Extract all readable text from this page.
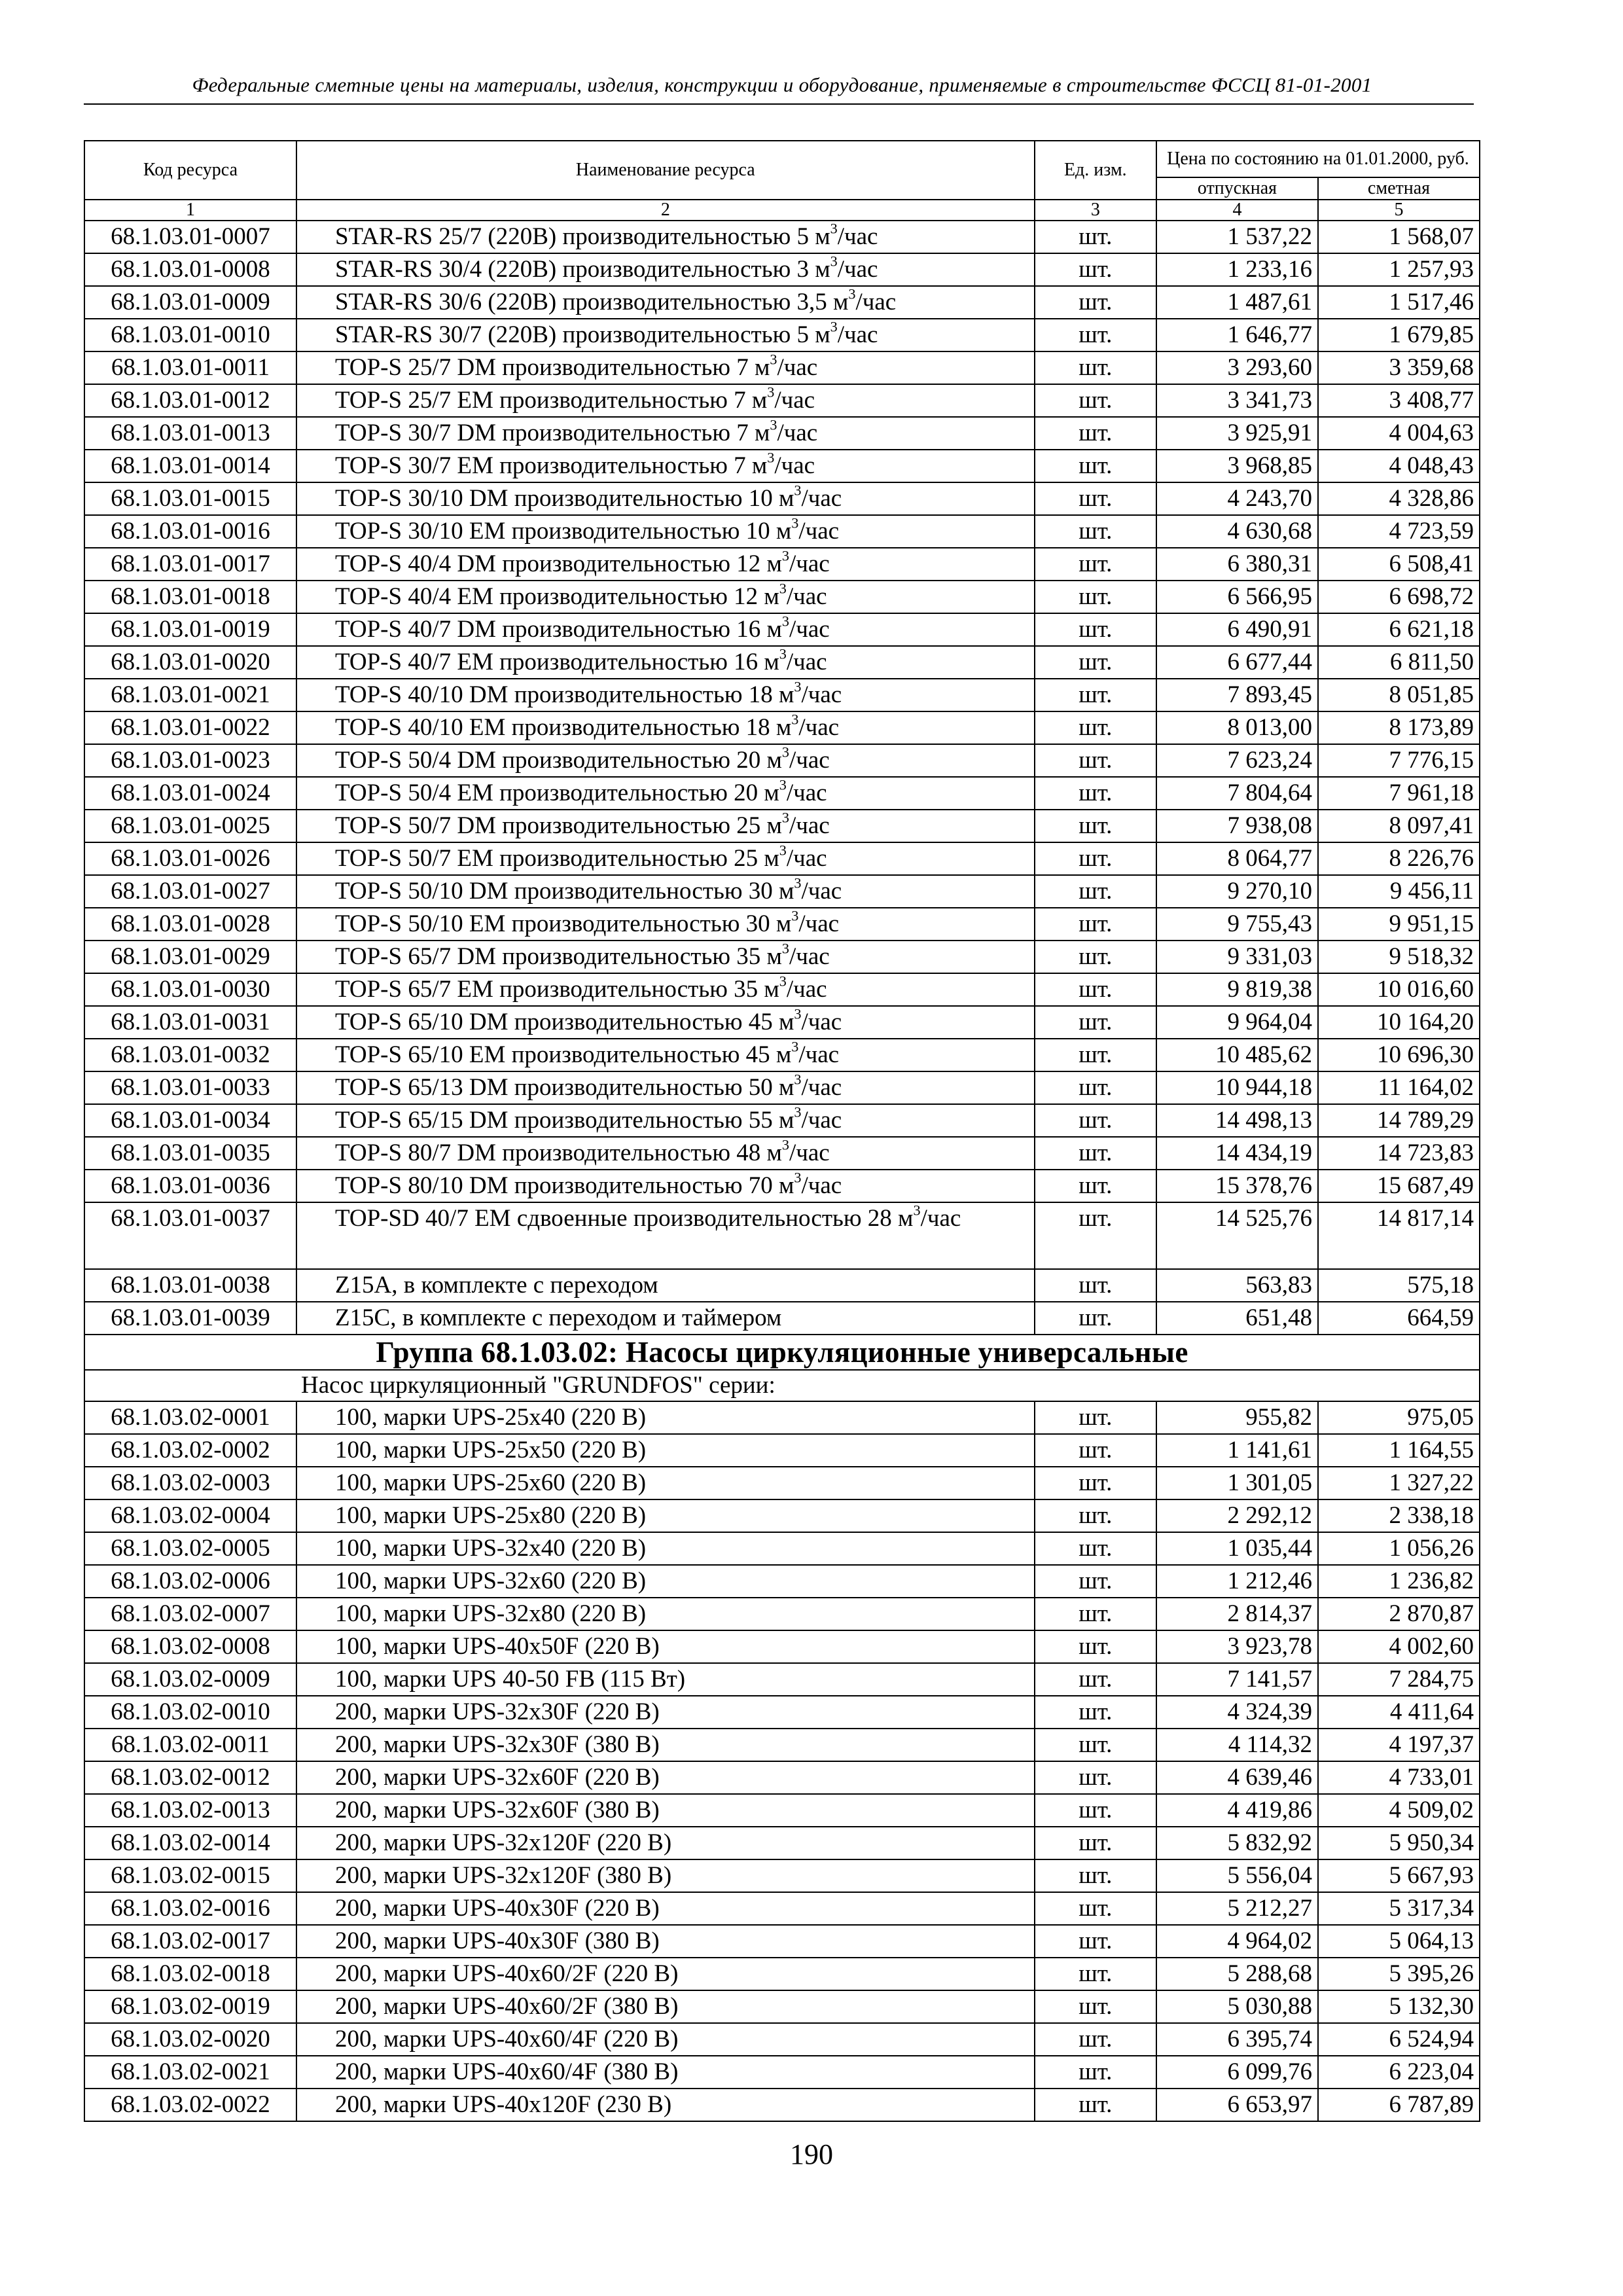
Федеральные сметные цены на материалы, изделия, конструкции и оборудование, применяемые в строительстве ФССЦ 81-01-2001
Код ресурса	Наименование ресурса	Ед. изм.	Цена по состоянию на 01.01.2000, руб.	
			отпускная	сметная
1	2	3	4	5
68.1.03.01-0007	STAR-RS 25/7 (220В) производительностью 5 $м^3$/час	шт.	1 537,22	1 568,07
68.1.03.01-0008	STAR-RS 30/4 (220В) производительностью 3 $м^3$/час	шт.	1 233,16	1 257,93
68.1.03.01-0009	STAR-RS 30/6 (220В) производительностью 3,5 $м^3$/час	шт.	1 487,61	1 517,46
68.1.03.01-0010	STAR-RS 30/7 (220В) производительностью 5 $м^3$/час	шт.	1 646,77	1 679,85
68.1.03.01-0011	TOP-S 25/7 DM производительностью 7 $м^3$/час	шт.	3 293,60	3 359,68
68.1.03.01-0012	TOP-S 25/7 EM производительностью 7 $м^3$/час	шт.	3 341,73	3 408,77
68.1.03.01-0013	TOP-S 30/7 DM производительностью 7 $м^3$/час	шт.	3 925,91	4 004,63
68.1.03.01-0014	TOP-S 30/7 EM производительностью 7 $м^3$/час	шт.	3 968,85	4 048,43
68.1.03.01-0015	TOP-S 30/10 DM производительностью 10 $м^3$/час	шт.	4 243,70	4 328,86
68.1.03.01-0016	TOP-S 30/10 EM производительностью 10 $м^3$/час	шт.	4 630,68	4 723,59
68.1.03.01-0017	TOP-S 40/4 DM производительностью 12 $м^3$/час	шт.	6 380,31	6 508,41
68.1.03.01-0018	TOP-S 40/4 EM производительностью 12 $м^3$/час	шт.	6 566,95	6 698,72
68.1.03.01-0019	TOP-S 40/7 DM производительностью 16 $м^3$/час	шт.	6 490,91	6 621,18
68.1.03.01-0020	TOP-S 40/7 EM производительностью 16 $м^3$/час	шт.	6 677,44	6 811,50
68.1.03.01-0021	TOP-S 40/10 DM производительностью 18 $м^3$/час	шт.	7 893,45	8 051,85
68.1.03.01-0022	TOP-S 40/10 EM производительностью 18 $м^3$/час	шт.	8 013,00	8 173,89
68.1.03.01-0023	TOP-S 50/4 DM производительностью 20 $м^3$/час	шт.	7 623,24	7 776,15
68.1.03.01-0024	TOP-S 50/4 EM производительностью 20 $м^3$/час	шт.	7 804,64	7 961,18
68.1.03.01-0025	TOP-S 50/7 DM производительностью 25 $м^3$/час	шт.	7 938,08	8 097,41
68.1.03.01-0026	TOP-S 50/7 EM производительностью 25 $м^3$/час	шт.	8 064,77	8 226,76
68.1.03.01-0027	TOP-S 50/10 DM производительностью 30 $м^3$/час	шт.	9 270,10	9 456,11
68.1.03.01-0028	TOP-S 50/10 EM производительностью 30 $м^3$/час	шт.	9 755,43	9 951,15
68.1.03.01-0029	TOP-S 65/7 DM производительностью 35 $м^3$/час	шт.	9 331,03	9 518,32
68.1.03.01-0030	TOP-S 65/7 EM производительностью 35 $м^3$/час	шт.	9 819,38	10 016,60
68.1.03.01-0031	TOP-S 65/10 DM производительностью 45 $м^3$/час	шт.	9 964,04	10 164,20
68.1.03.01-0032	TOP-S 65/10 EM производительностью 45 $м^3$/час	шт.	10 485,62	10 696,30
68.1.03.01-0033	TOP-S 65/13 DM производительностью 50 $м^3$/час	шт.	10 944,18	11 164,02
68.1.03.01-0034	TOP-S 65/15 DM производительностью 55 $м^3$/час	шт.	14 498,13	14 789,29
68.1.03.01-0035	TOP-S 80/7 DM производительностью 48 $м^3$/час	шт.	14 434,19	14 723,83
68.1.03.01-0036	TOP-S 80/10 DM производительностью 70 $м^3$/час	шт.	15 378,76	15 687,49
68.1.03.01-0037	TOP-SD 40/7 EM сдвоенные производительностью 28 $м^3$/час	шт.	14 525,76	14 817,14
68.1.03.01-0038	Z15A, в комплекте с переходом	шт.	563,83	575,18
68.1.03.01-0039	Z15C, в комплекте с переходом и таймером	шт.	651,48	664,59
Группа 68.1.03.02: Насосы циркуляционные универсальные				
Насос циркуляционный "GRUNDFOS" серии:				
68.1.03.02-0001	100, марки UPS-25x40 (220 В)	шт.	955,82	975,05
68.1.03.02-0002	100, марки UPS-25x50 (220 В)	шт.	1 141,61	1 164,55
68.1.03.02-0003	100, марки UPS-25x60 (220 В)	шт.	1 301,05	1 327,22
68.1.03.02-0004	100, марки UPS-25x80 (220 В)	шт.	2 292,12	2 338,18
68.1.03.02-0005	100, марки UPS-32x40 (220 В)	шт.	1 035,44	1 056,26
68.1.03.02-0006	100, марки UPS-32x60 (220 В)	шт.	1 212,46	1 236,82
68.1.03.02-0007	100, марки UPS-32x80 (220 В)	шт.	2 814,37	2 870,87
68.1.03.02-0008	100, марки UPS-40x50F (220 В)	шт.	3 923,78	4 002,60
68.1.03.02-0009	100, марки UPS 40-50 FB (115 Вт)	шт.	7 141,57	7 284,75
68.1.03.02-0010	200, марки UPS-32x30F (220 В)	шт.	4 324,39	4 411,64
68.1.03.02-0011	200, марки UPS-32x30F (380 В)	шт.	4 114,32	4 197,37
68.1.03.02-0012	200, марки UPS-32x60F (220 В)	шт.	4 639,46	4 733,01
68.1.03.02-0013	200, марки UPS-32x60F (380 В)	шт.	4 419,86	4 509,02
68.1.03.02-0014	200, марки UPS-32x120F (220 В)	шт.	5 832,92	5 950,34
68.1.03.02-0015	200, марки UPS-32x120F (380 В)	шт.	5 556,04	5 667,93
68.1.03.02-0016	200, марки UPS-40x30F (220 В)	шт.	5 212,27	5 317,34
68.1.03.02-0017	200, марки UPS-40x30F (380 В)	шт.	4 964,02	5 064,13
68.1.03.02-0018	200, марки UPS-40x60/2F (220 В)	шт.	5 288,68	5 395,26
68.1.03.02-0019	200, марки UPS-40x60/2F (380 В)	шт.	5 030,88	5 132,30
68.1.03.02-0020	200, марки UPS-40x60/4F (220 В)	шт.	6 395,74	6 524,94
68.1.03.02-0021	200, марки UPS-40x60/4F (380 В)	шт.	6 099,76	6 223,04
68.1.03.02-0022	200, марки UPS-40x120F (230 В)	шт.	6 653,97	6 787,89
190
